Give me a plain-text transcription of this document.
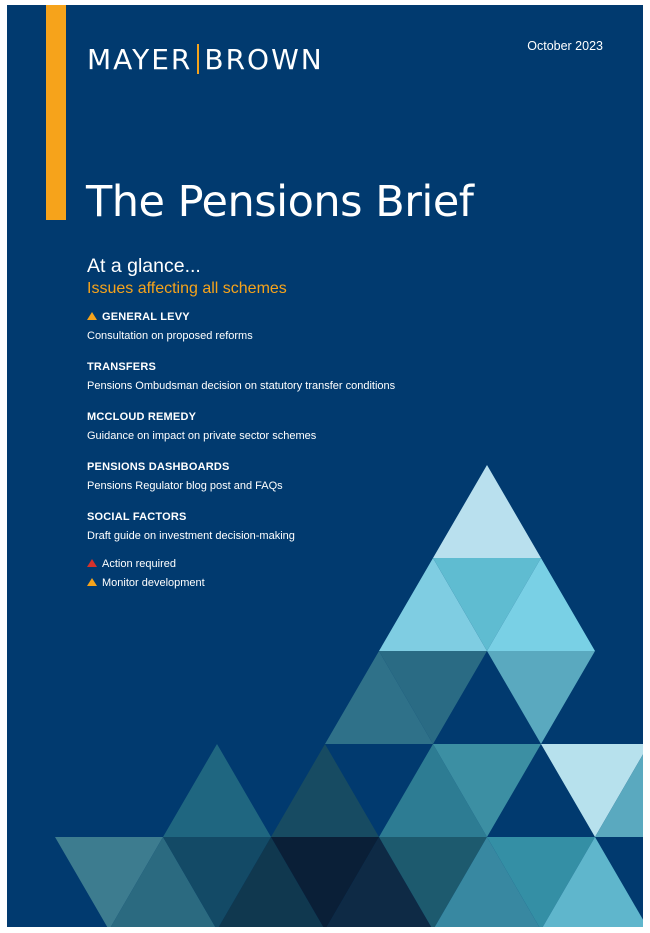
MAYER BROWN	October 2023
The Pensions Brief
At a glance...
Issues affecting all schemes
GENERAL LEVY
Consultation on proposed reforms
TRANSFERS
Pensions Ombudsman decision on statutory transfer conditions
MCCLOUD REMEDY
Guidance on impact on private sector schemes
PENSIONS DASHBOARDS
Pensions Regulator blog post and FAQs
SOCIAL FACTORS
Draft guide on investment decision-making
Action required
Monitor development
